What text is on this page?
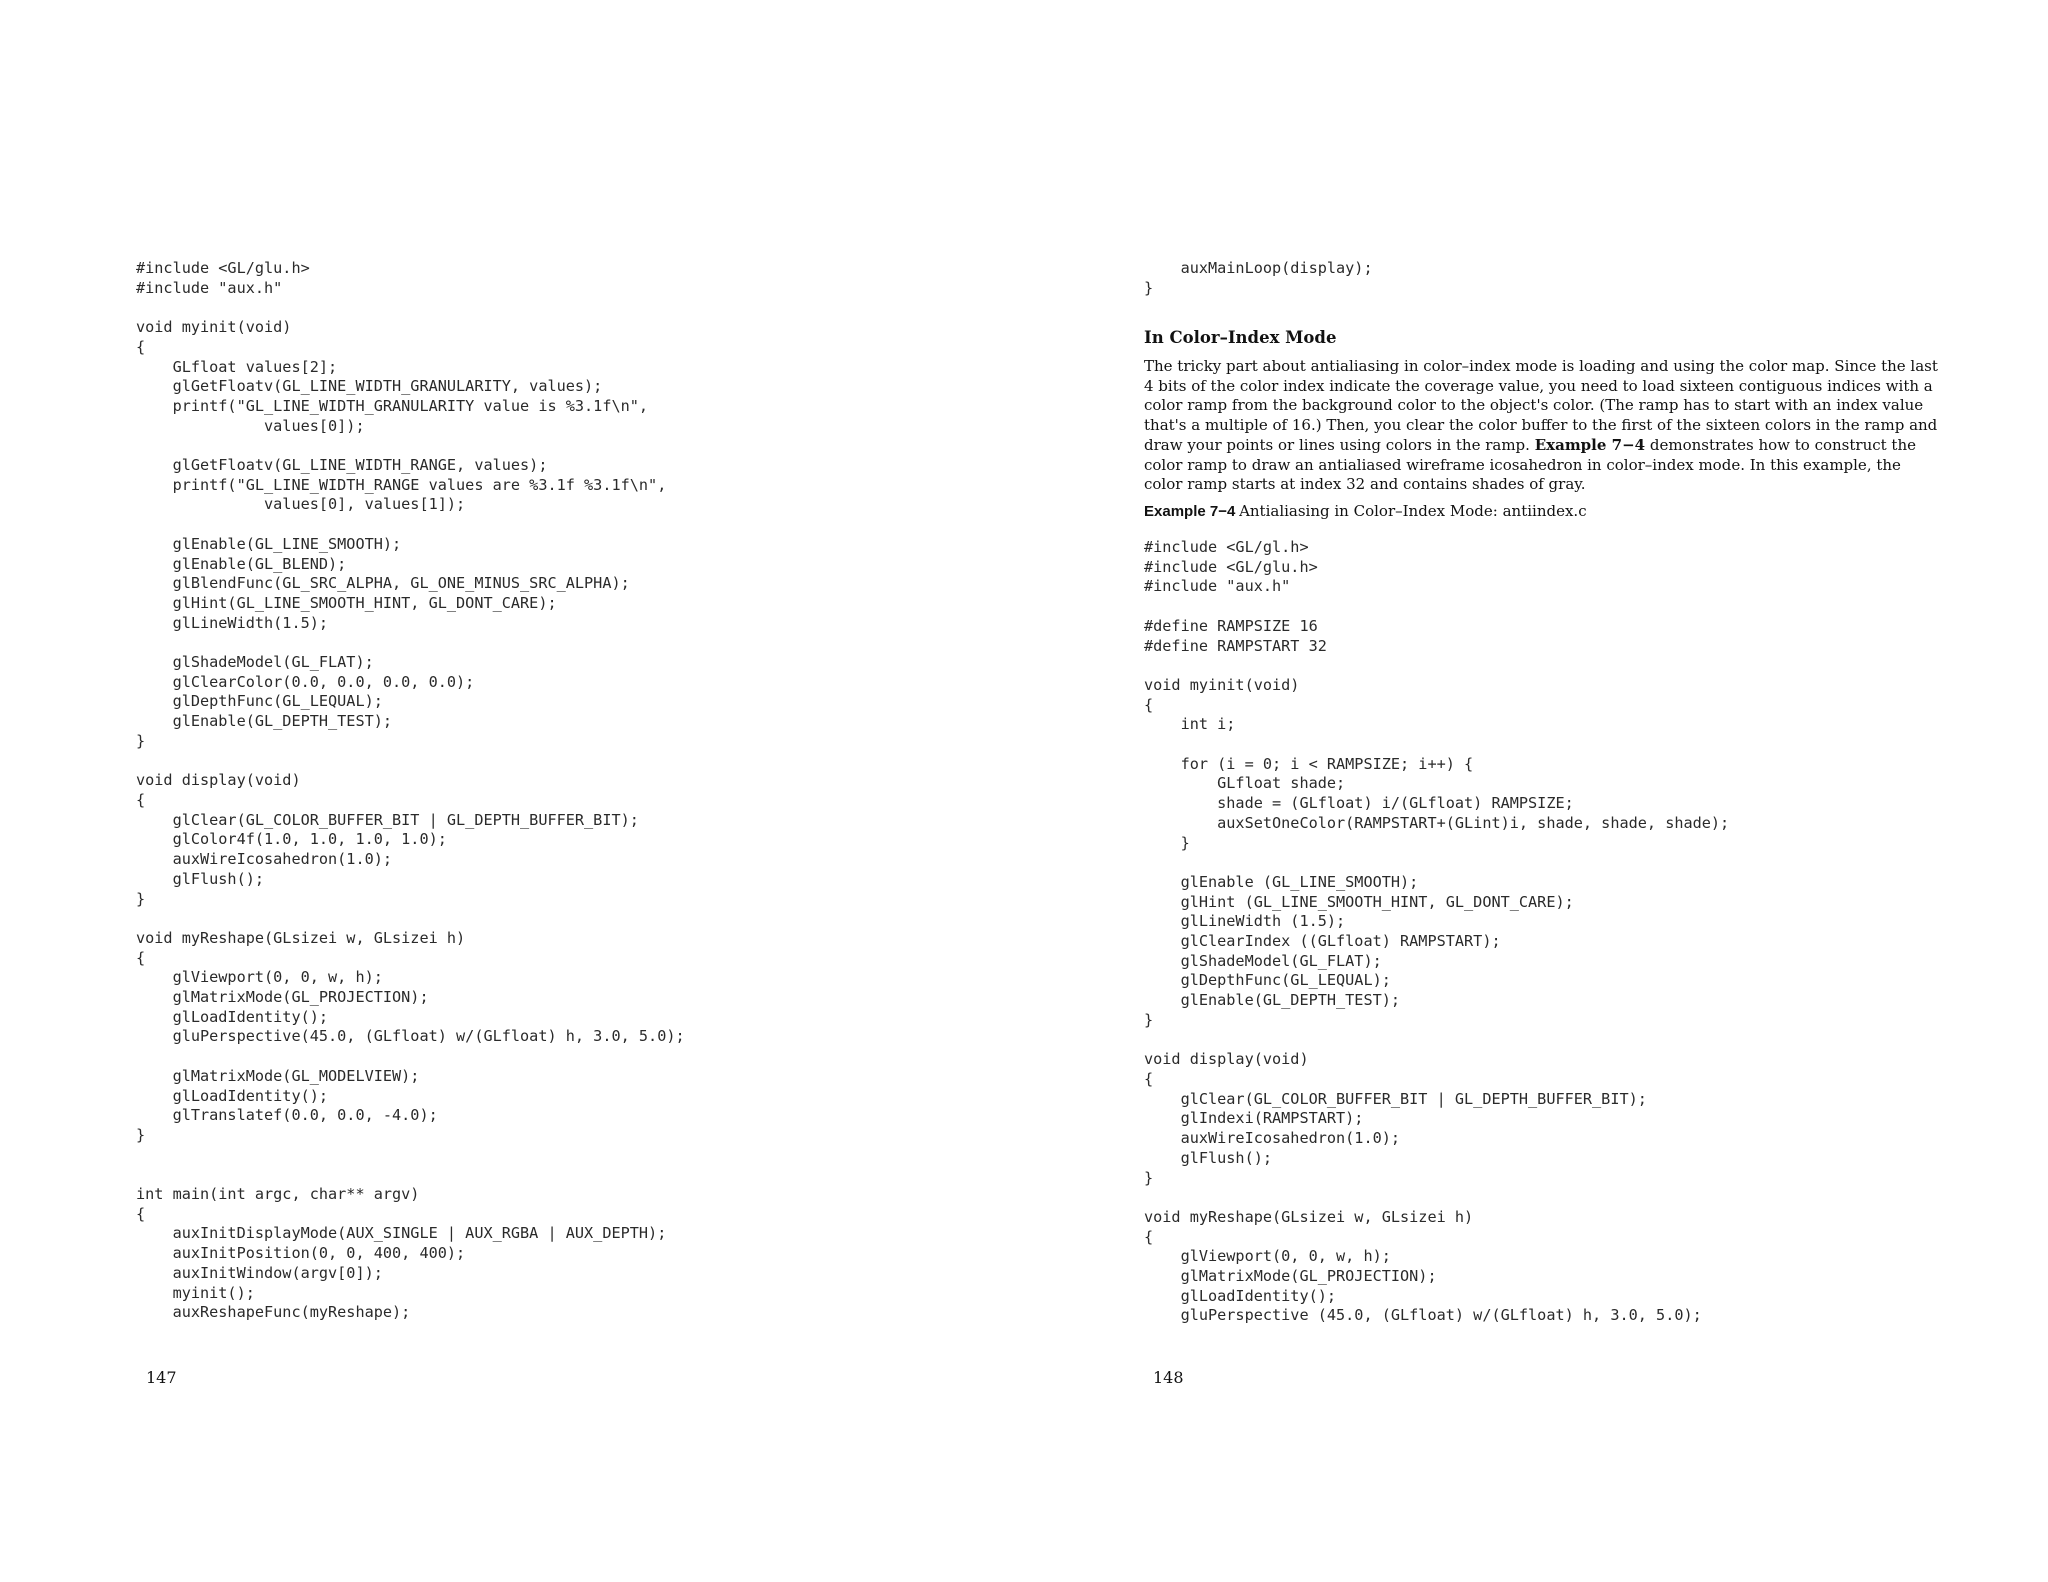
#include <GL/glu.h>
#include "aux.h"

void myinit(void)
{
GLfloat values[2];
glGetFloatv(GL_LINE_WIDTH_GRANULARITY, values);
printf("GL_LINE_WIDTH_GRANULARITY value is %3.1f\n",
values[0]);

glGetFloatv(GL_LINE_WIDTH_RANGE, values);
printf("GL_LINE_WIDTH_RANGE values are %3.1f %3.1f\n",
values[0], values[1]);

glEnable(GL_LINE_SMOOTH);
glEnable(GL_BLEND);
glBlendFunc(GL_SRC_ALPHA, GL_ONE_MINUS_SRC_ALPHA);
glHint(GL_LINE_SMOOTH_HINT, GL_DONT_CARE);
glLineWidth(1.5);

glShadeModel(GL_FLAT);
glClearColor(0.0, 0.0, 0.0, 0.0);
glDepthFunc(GL_LEQUAL);
glEnable(GL_DEPTH_TEST);
}

void display(void)
{
glClear(GL_COLOR_BUFFER_BIT | GL_DEPTH_BUFFER_BIT);
glColor4f(1.0, 1.0, 1.0, 1.0);
auxWireIcosahedron(1.0);
glFlush();
}

void myReshape(GLsizei w, GLsizei h)
{
glViewport(0, 0, w, h);
glMatrixMode(GL_PROJECTION);
glLoadIdentity();
gluPerspective(45.0, (GLfloat) w/(GLfloat) h, 3.0, 5.0);

glMatrixMode(GL_MODELVIEW);
glLoadIdentity();
glTranslatef(0.0, 0.0, -4.0);
}

int main(int argc, char** argv)
{
auxInitDisplayMode(AUX_SINGLE | AUX_RGBA | AUX_DEPTH);
auxInitPosition(0, 0, 400, 400);
auxInitWindow(argv[0]);
myinit();
auxReshapeFunc(myReshape);

147

auxMainLoop(display);
}
In Color–Index Mode

The tricky part about antialiasing in color–index mode is loading and using the color map. Since the last 4 bits of the color index indicate the coverage value, you need to load sixteen contiguous indices with a color ramp from the background color to the object's color. (The ramp has to start with an index value that's a multiple of 16.) Then, you clear the color buffer to the first of the sixteen colors in the ramp and draw your points or lines using colors in the ramp. Example 7−4 demonstrates how to construct the color ramp to draw an antialiased wireframe icosahedron in color–index mode. In this example, the color ramp starts at index 32 and contains shades of gray.

Example 7−4 Antialiasing in Color–Index Mode: antiindex.c

#include <GL/gl.h>
#include <GL/glu.h>
#include "aux.h"

#define RAMPSIZE 16
#define RAMPSTART 32

void myinit(void)
{
int i;

for (i = 0; i < RAMPSIZE; i++) {
GLfloat shade;
shade = (GLfloat) i/(GLfloat) RAMPSIZE;
auxSetOneColor(RAMPSTART+(GLint)i, shade, shade, shade);
}

glEnable (GL_LINE_SMOOTH);
glHint (GL_LINE_SMOOTH_HINT, GL_DONT_CARE);
glLineWidth (1.5);
glClearIndex ((GLfloat) RAMPSTART);
glShadeModel(GL_FLAT);
glDepthFunc(GL_LEQUAL);
glEnable(GL_DEPTH_TEST);
}

void display(void)
{
glClear(GL_COLOR_BUFFER_BIT | GL_DEPTH_BUFFER_BIT);
glIndexi(RAMPSTART);
auxWireIcosahedron(1.0);
glFlush();
}

void myReshape(GLsizei w, GLsizei h)
{
glViewport(0, 0, w, h);
glMatrixMode(GL_PROJECTION);
glLoadIdentity();
gluPerspective (45.0, (GLfloat) w/(GLfloat) h, 3.0, 5.0);

148
